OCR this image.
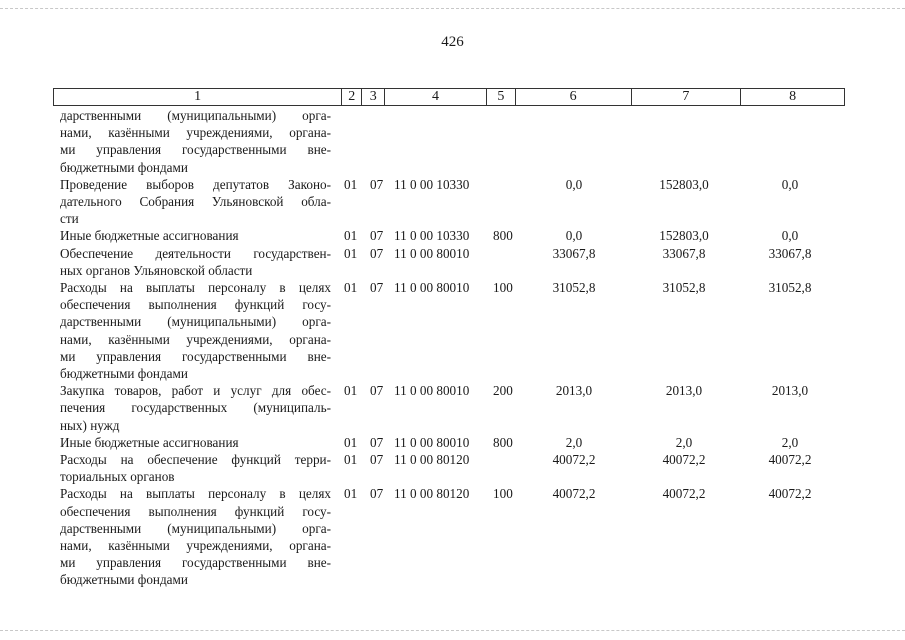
426
1	2	3	4	5	6	7	8
дарственными (муниципальными) орга-
нами, казёнными учреждениями, органа-
ми управления государственными вне-
бюджетными фондами
Проведение выборов депутатов Законо-
дательного Собрания Ульяновской обла-
сти
01 07 11 0 00 10330	0,0	152803,0	0,0
Иные бюджетные ассигнования	01 07 11 0 00 10330 800	0,0	152803,0	0,0
Обеспечение деятельности государствен-
ных органов Ульяновской области
01 07 11 0 00 80010	33067,8	33067,8	33067,8
Расходы на выплаты персоналу в целях
обеспечения выполнения функций госу-
дарственными (муниципальными) орга-
нами, казёнными учреждениями, органа-
ми управления государственными вне-
бюджетными фондами
01 07 11 0 00 80010 100	31052,8	31052,8	31052,8
Закупка товаров, работ и услуг для обес-
печения государственных (муниципаль-
ных) нужд
01 07 11 0 00 80010 200	2013,0	2013,0	2013,0
Иные бюджетные ассигнования	01 07 11 0 00 80010 800	2,0	2,0	2,0
Расходы на обеспечение функций терри-
ториальных органов
01 07 11 0 00 80120	40072,2	40072,2	40072,2
Расходы на выплаты персоналу в целях
обеспечения выполнения функций госу-
дарственными (муниципальными) орга-
нами, казёнными учреждениями, органа-
ми управления государственными вне-
бюджетными фондами
01 07 11 0 00 80120 100	40072,2	40072,2	40072,2
